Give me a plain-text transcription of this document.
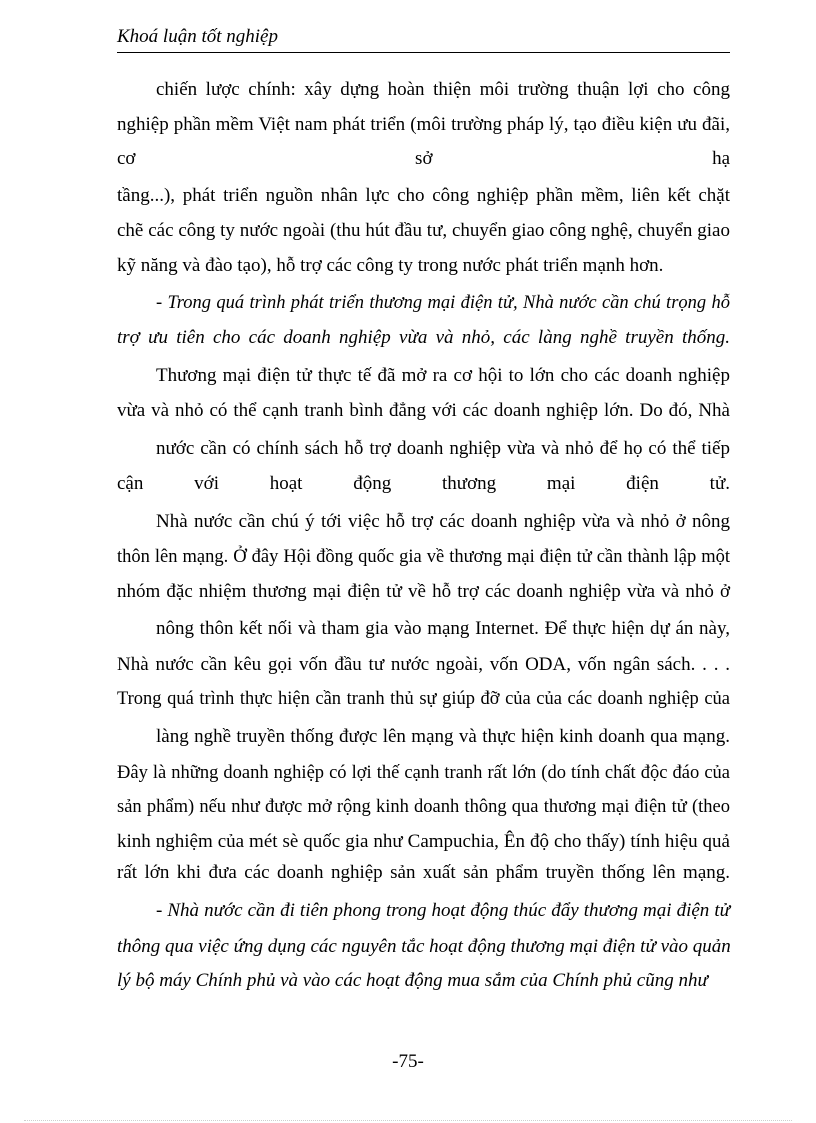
Khoá luận tốt nghiệp
chiến lược chính: xây dựng hoàn thiện môi trường thuận lợi cho công
nghiệp phần mềm Việt nam phát triển (môi trường pháp lý, tạo điều kiện ưu đãi,
cơ sở hạ
tầng...), phát triển nguồn nhân lực cho công nghiệp phần mềm, liên kết chặt
chẽ các công ty nước ngoài (thu hút đầu tư, chuyển giao công nghệ, chuyển giao
kỹ năng và đào tạo), hỗ trợ các công ty trong nước phát triển mạnh hơn.
- Trong quá trình phát triển thương mại điện tử, Nhà nước cần chú trọng hỗ
trợ ưu tiên cho các doanh nghiệp vừa và nhỏ, các làng nghề truyền thống.
Thương mại điện tử thực tế đã mở ra cơ hội to lớn cho các doanh nghiệp
vừa và nhỏ có thể cạnh tranh bình đẳng với các doanh nghiệp lớn. Do đó, Nhà
nước cần có chính sách hỗ trợ doanh nghiệp vừa và nhỏ để họ có thể tiếp
cận với hoạt động thương mại điện tử.
Nhà nước cần chú ý tới việc hỗ trợ các doanh nghiệp vừa và nhỏ ở nông
thôn lên mạng. Ở đây Hội đồng quốc gia về thương mại điện tử cần thành lập một
nhóm đặc nhiệm thương mại điện tử về hỗ trợ các doanh nghiệp vừa và nhỏ ở
nông thôn kết nối và tham gia vào mạng Internet. Để thực hiện dự án này,
Nhà nước cần kêu gọi vốn đầu tư nước ngoài, vốn ODA, vốn ngân sách. . . .
Trong quá trình thực hiện cần tranh thủ sự giúp đỡ của của các doanh nghiệp của
làng nghề truyền thống được lên mạng và thực hiện kinh doanh qua mạng.
Đây là những doanh nghiệp có lợi thế cạnh tranh rất lớn (do tính chất độc đáo của
sản phẩm) nếu như được mở rộng kinh doanh thông qua thương mại điện tử (theo
kinh nghiệm của mét sè quốc gia như Campuchia, Ên độ cho thấy) tính hiệu quả
rất lớn khi đưa các doanh nghiệp sản xuất sản phẩm truyền thống lên mạng.
- Nhà nước cần đi tiên phong trong hoạt động thúc đẩy thương mại điện tử
thông qua việc ứng dụng các nguyên tắc hoạt động thương mại điện tử vào quản
lý bộ máy Chính phủ và vào các hoạt động mua sắm của Chính phủ cũng như
-75-
